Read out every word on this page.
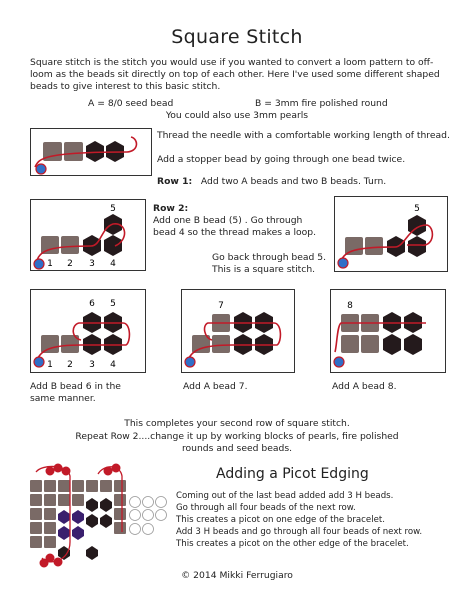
Square Stitch
Square stitch is the stitch you would use if you wanted to convert a loom pattern to off-loom as the beads sit directly on top of each other. Here I've used some different shaped beads to give interest to this basic stitch.
A = 8/0 seed bead	B = 3mm fire polished round
You could also use 3mm pearls
Thread the needle with a comfortable working length of thread.
Add a stopper bead by going through one bead twice.
Row 1: Add two A beads and two B beads. Turn.
1 2 3 4
5	Row 2:
Add one B bead (5) . Go through bead 4 so the thread makes a loop.
Go back through bead 5. This is a square stitch.
5
1 2 3 4
6 5	7	8
Add B bead 6 in the same manner.
Add A bead 7.	Add A bead 8.
This completes your second row of square stitch.
Repeat Row 2....change it up by working blocks of pearls, fire polished rounds and seed beads.
Adding a Picot Edging
Coming out of the last bead added add 3 H beads.
Go through all four beads of the next row.
This creates a picot on one edge of the bracelet.
Add 3 H beads and go through all four beads of next row.
This creates a picot on the other edge of the bracelet.
© 2014 Mikki Ferrugiaro
